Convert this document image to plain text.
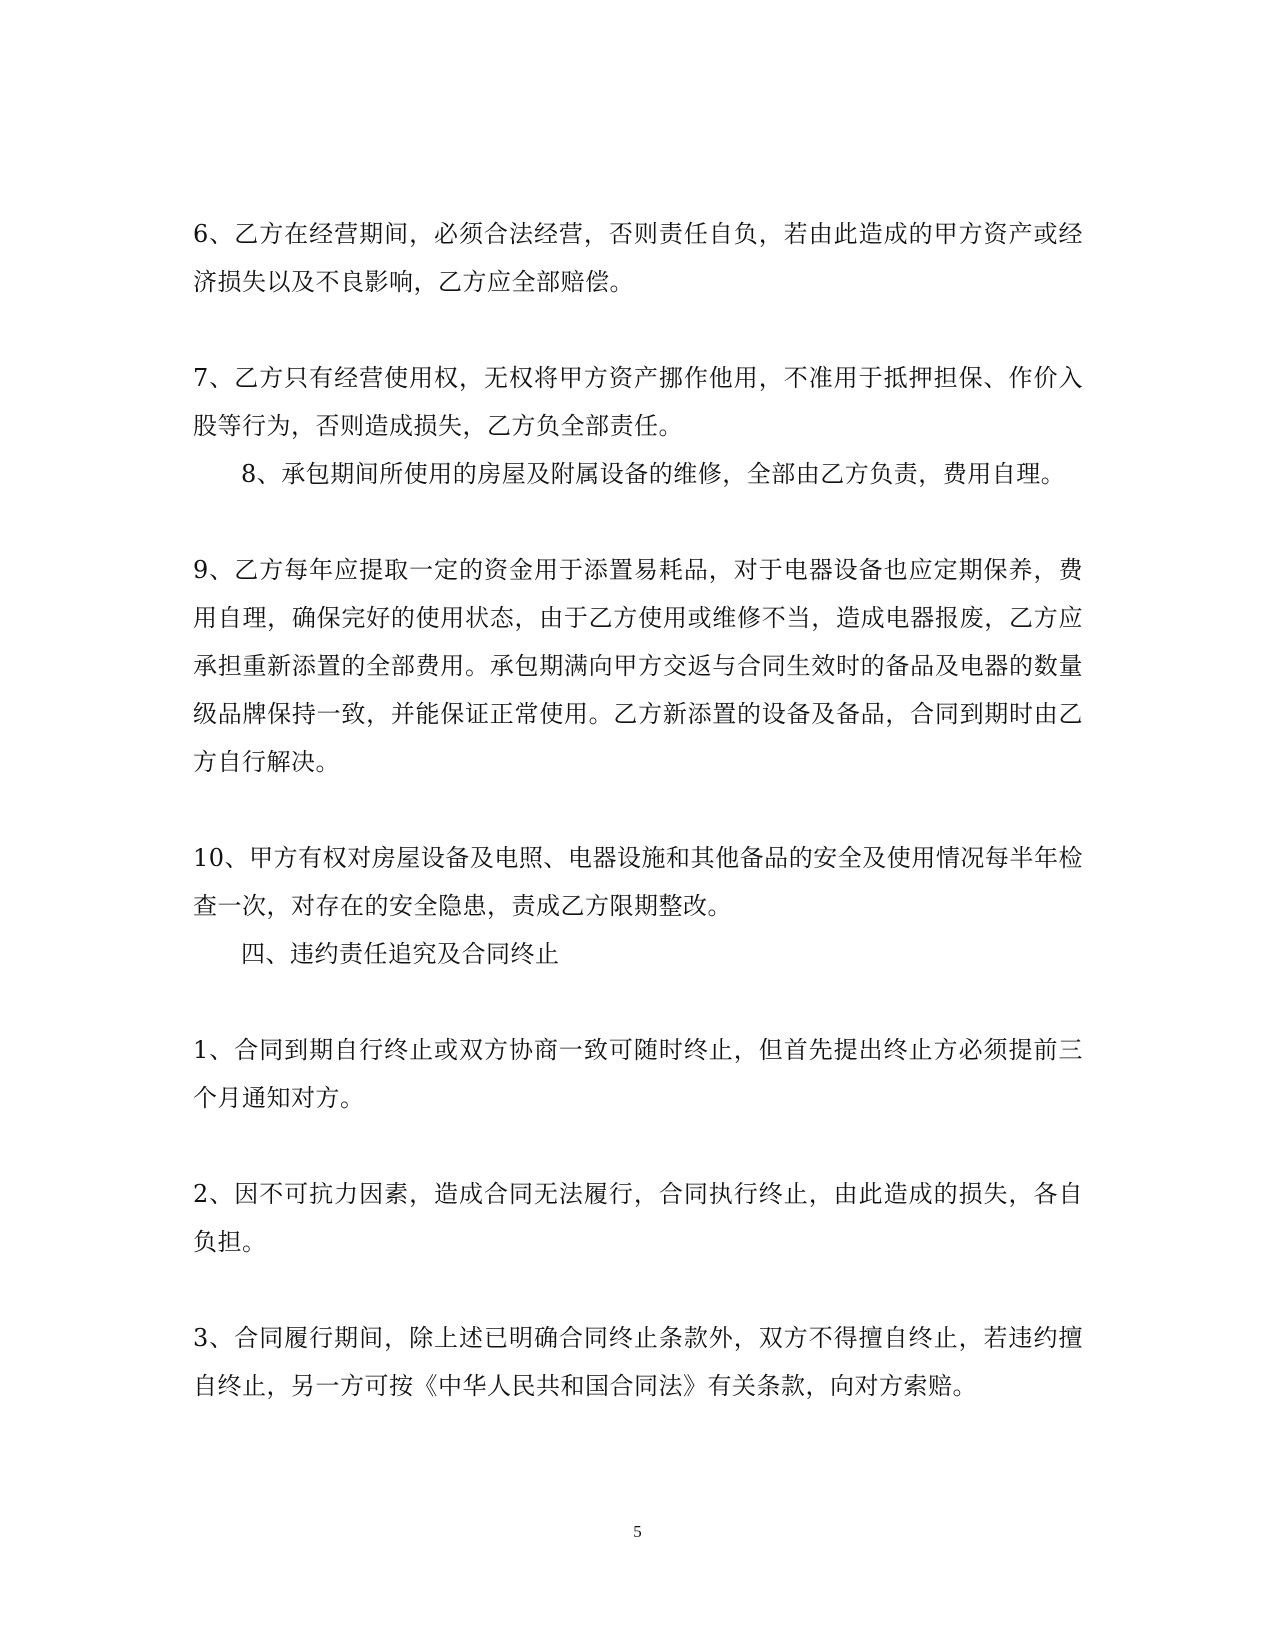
6、乙方在经营期间，必须合法经营，否则责任自负，若由此造成的甲方资产或经济损失以及不良影响，乙方应全部赔偿。

7、乙方只有经营使用权，无权将甲方资产挪作他用，不准用于抵押担保、作价入股等行为，否则造成损失，乙方负全部责任。

8、承包期间所使用的房屋及附属设备的维修，全部由乙方负责，费用自理。

9、乙方每年应提取一定的资金用于添置易耗品，对于电器设备也应定期保养，费用自理，确保完好的使用状态，由于乙方使用或维修不当，造成电器报废，乙方应承担重新添置的全部费用。承包期满向甲方交返与合同生效时的备品及电器的数量级品牌保持一致，并能保证正常使用。乙方新添置的设备及备品，合同到期时由乙方自行解决。

10、甲方有权对房屋设备及电照、电器设施和其他备品的安全及使用情况每半年检查一次，对存在的安全隐患，责成乙方限期整改。

四、违约责任追究及合同终止

1、合同到期自行终止或双方协商一致可随时终止，但首先提出终止方必须提前三个月通知对方。

2、因不可抗力因素，造成合同无法履行，合同执行终止，由此造成的损失，各自负担。

3、合同履行期间，除上述已明确合同终止条款外，双方不得擅自终止，若违约擅自终止，另一方可按《中华人民共和国合同法》有关条款，向对方索赔。

5
